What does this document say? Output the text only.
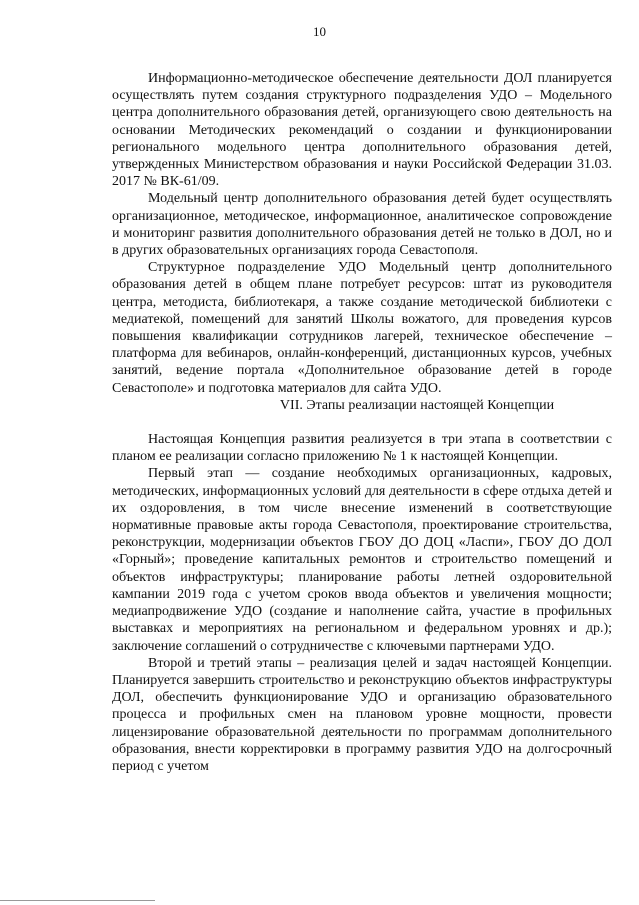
10

Информационно-методическое обеспечение деятельности ДОЛ планируется осуществлять путем создания структурного подразделения УДО – Модельного центра дополнительного образования детей, организующего свою деятельность на основании Методических рекомендаций о создании и функционировании регионального модельного центра дополнительного образования детей, утвержденных Министерством образования и науки Российской Федерации 31.03. 2017 № ВК-61/09.

Модельный центр дополнительного образования детей будет осуществлять организационное, методическое, информационное, аналитическое сопровождение и мониторинг развития дополнительного образования детей не только в ДОЛ, но и в других образовательных организациях города Севастополя.

Структурное подразделение УДО Модельный центр дополнительного образования детей в общем плане потребует ресурсов: штат из руководителя центра, методиста, библиотекаря, а также создание методической библиотеки с медиатекой, помещений для занятий Школы вожатого, для проведения курсов повышения квалификации сотрудников лагерей, техническое обеспечение – платформа для вебинаров, онлайн-конференций, дистанционных курсов, учебных занятий, ведение портала «Дополнительное образование детей в городе Севастополе» и подготовка материалов для сайта УДО.

VII. Этапы реализации настоящей Концепции

Настоящая Концепция развития реализуется в три этапа в соответствии с планом ее реализации согласно приложению № 1 к настоящей Концепции.

Первый этап — создание необходимых организационных, кадровых, методических, информационных условий для деятельности в сфере отдыха детей и их оздоровления, в том числе внесение изменений в соответствующие нормативные правовые акты города Севастополя, проектирование строительства, реконструкции, модернизации объектов ГБОУ ДО ДОЦ «Ласпи», ГБОУ ДО ДОЛ «Горный»; проведение капитальных ремонтов и строительство помещений и объектов инфраструктуры; планирование работы летней оздоровительной кампании 2019 года с учетом сроков ввода объектов и увеличения мощности; медиапродвижение УДО (создание и наполнение сайта, участие в профильных выставках и мероприятиях на региональном и федеральном уровнях и др.); заключение соглашений о сотрудничестве с ключевыми партнерами УДО.

Второй и третий этапы – реализация целей и задач настоящей Концепции. Планируется завершить строительство и реконструкцию объектов инфраструктуры ДОЛ, обеспечить функционирование УДО и организацию образовательного процесса и профильных смен на плановом уровне мощности, провести лицензирование образовательной деятельности по программам дополнительного образования, внести корректировки в программу развития УДО на долгосрочный период с учетом
